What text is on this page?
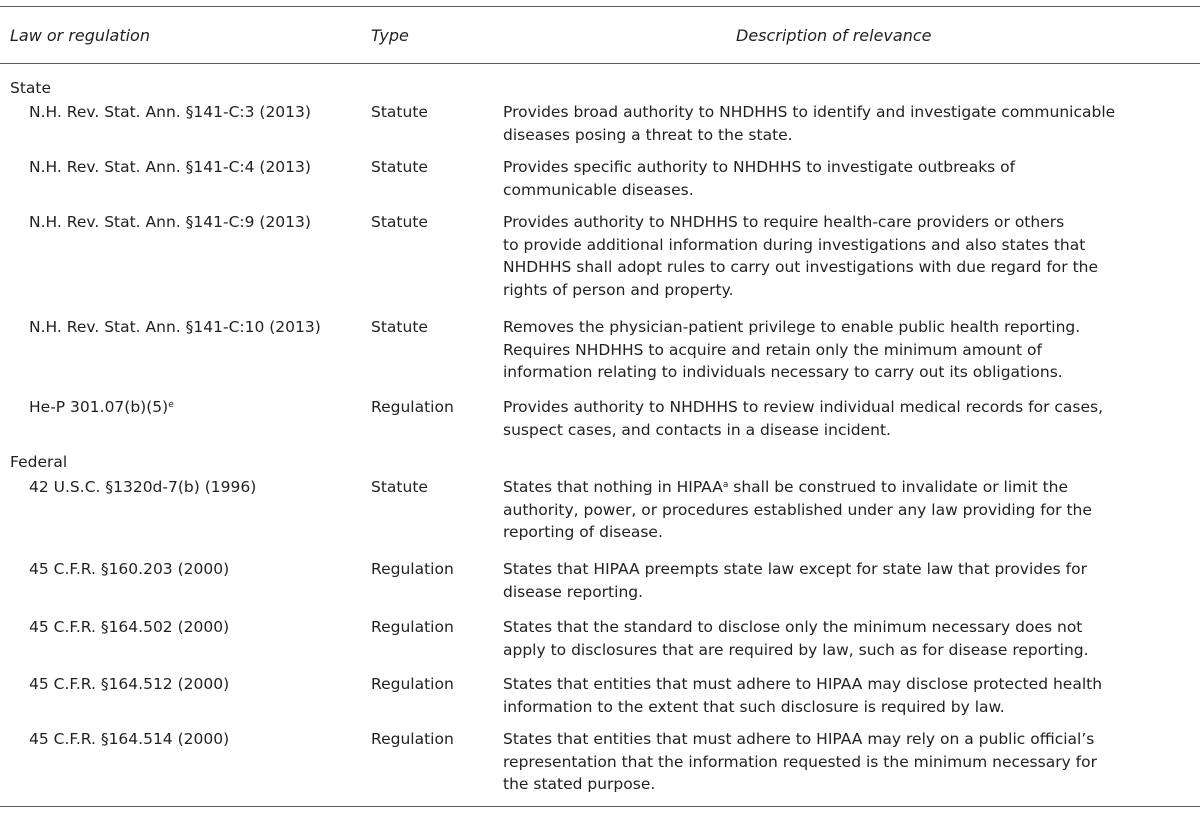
Law or regulation	Type	Description of relevance
State
N.H. Rev. Stat. Ann. §141-C:3 (2013)	Statute	Provides broad authority to NHDHHS to identify and investigate communicable
diseases posing a threat to the state.
N.H. Rev. Stat. Ann. §141-C:4 (2013)	Statute	Provides specific authority to NHDHHS to investigate outbreaks of
communicable diseases.
N.H. Rev. Stat. Ann. §141-C:9 (2013)	Statute	Provides authority to NHDHHS to require health-care providers or others
to provide additional information during investigations and also states that
NHDHHS shall adopt rules to carry out investigations with due regard for the
rights of person and property.
N.H. Rev. Stat. Ann. §141-C:10 (2013)	Statute	Removes the physician-patient privilege to enable public health reporting.
Requires NHDHHS to acquire and retain only the minimum amount of
information relating to individuals necessary to carry out its obligations.
He-P $301.07(b)(5)^e$	Regulation	Provides authority to NHDHHS to review individual medical records for cases,
suspect cases, and contacts in a disease incident.
Federal
42 U.S.C. §1320d-7(b) (1996)	Statute	States that nothing in HIPAA$^a$ shall be construed to invalidate or limit the
authority, power, or procedures established under any law providing for the
reporting of disease.
45 C.F.R. §160.203 (2000)	Regulation	States that HIPAA preempts state law except for state law that provides for
disease reporting.
45 C.F.R. §164.502 (2000)	Regulation	States that the standard to disclose only the minimum necessary does not
apply to disclosures that are required by law, such as for disease reporting.
45 C.F.R. §164.512 (2000)	Regulation	States that entities that must adhere to HIPAA may disclose protected health
information to the extent that such disclosure is required by law.
45 C.F.R. §164.514 (2000)	Regulation	States that entities that must adhere to HIPAA may rely on a public official’s
representation that the information requested is the minimum necessary for
the stated purpose.
